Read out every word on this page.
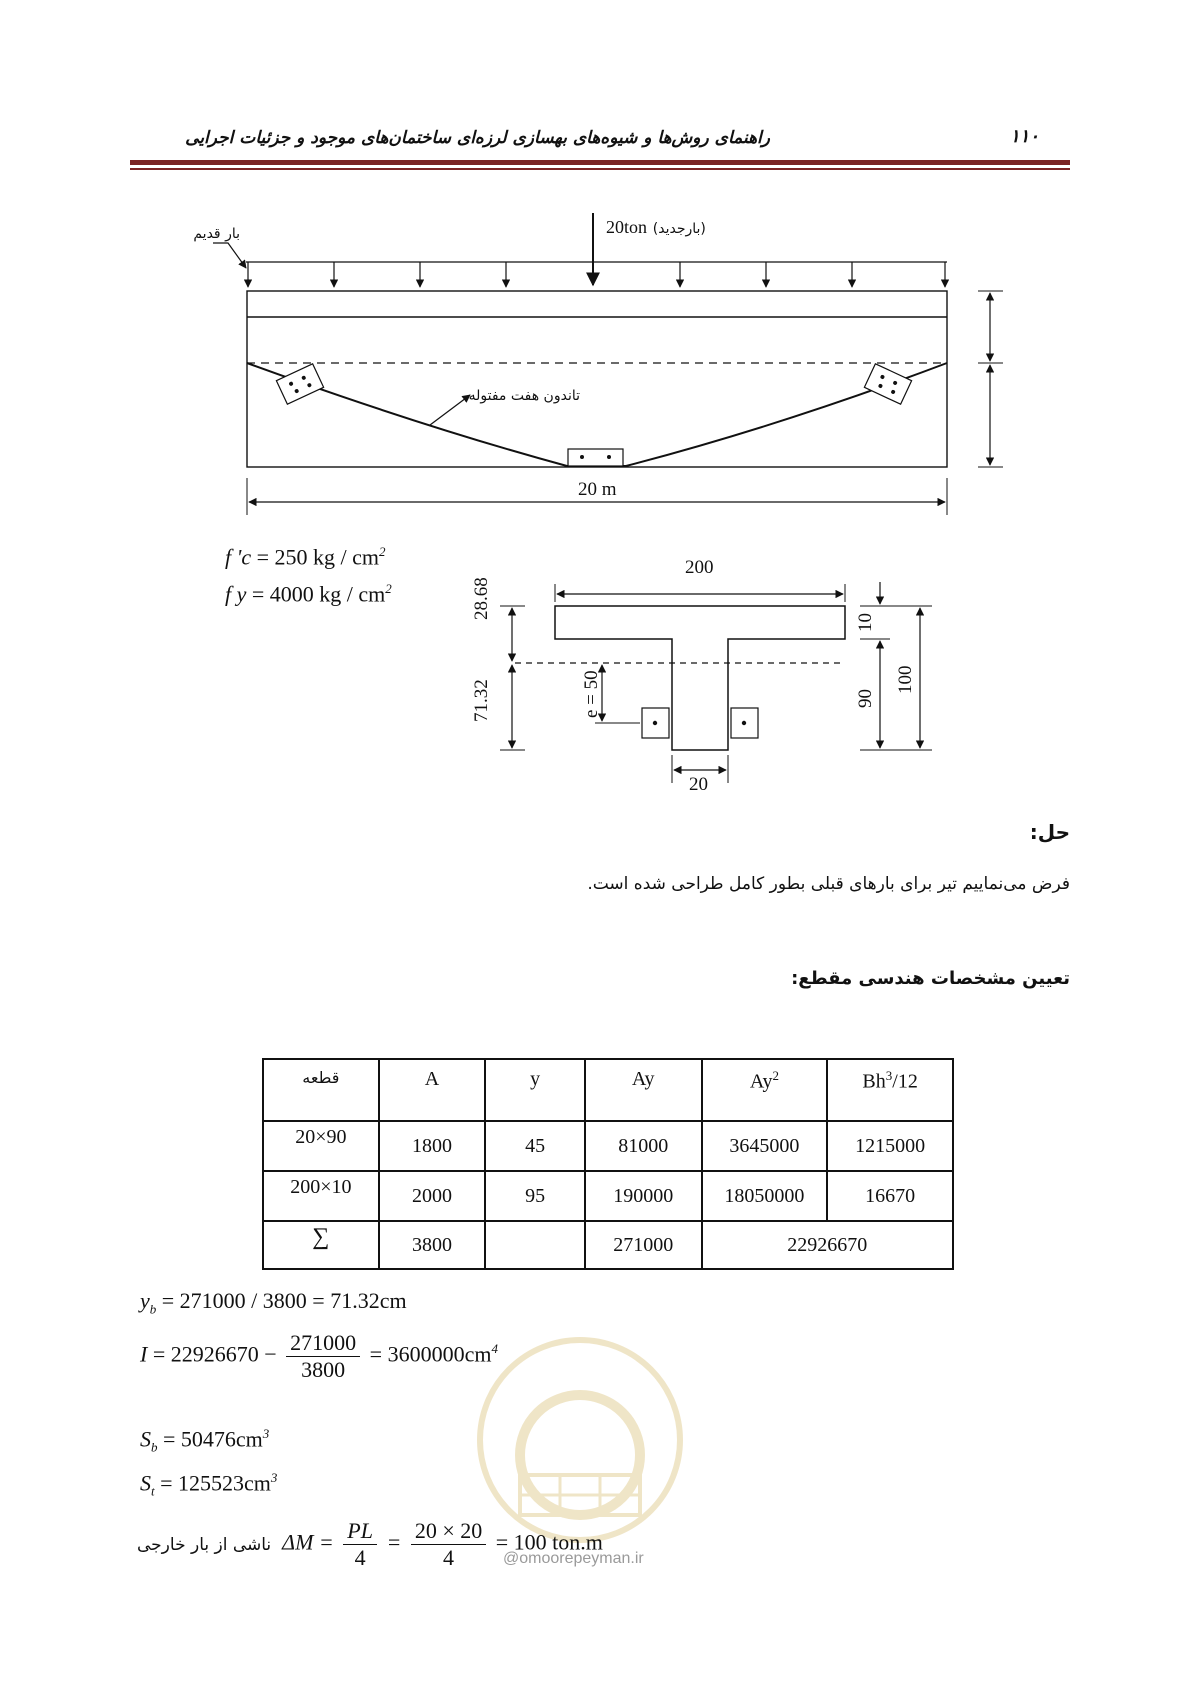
راهنمای روش‌ها و شیوه‌های بهسازی لرزه‌ای ساختمان‌های موجود و جزئیات اجرایی	۱۱۰
بار قدیم	20ton (بارجدید)
تاندون هفت مفتوله
20 m
f 'c = 250 kg / $cm^2$
f y = 4000 kg / $cm^2$
200
20
28.68
71.32	e = 50
10
90
100
حل:
فرض می‌نماییم تیر برای بارهای قبلی بطور کامل طراحی شده است.
تعیین مشخصات هندسی مقطع:
قطعه	A	y	Ay	Ay$^2$	Bh$^3$/12
20×90	1800	45	81000	3645000	1215000
200×10	2000	95	190000	18050000	16670
∑	3800		271000	22926670	
@omoorepeyman.ir
$y_b = 271000 / 3800 = 71.32cm$
$I = 22926670 - \frac{271000}{3800} = 3600000cm^4$
$S_b = 50476cm^3$
$S_t = 125523cm^3$
ناشی از بار خارجی  $\Delta M = \frac{PL}{4} = \frac{20 \times 20}{4} = 100$ ton.m
